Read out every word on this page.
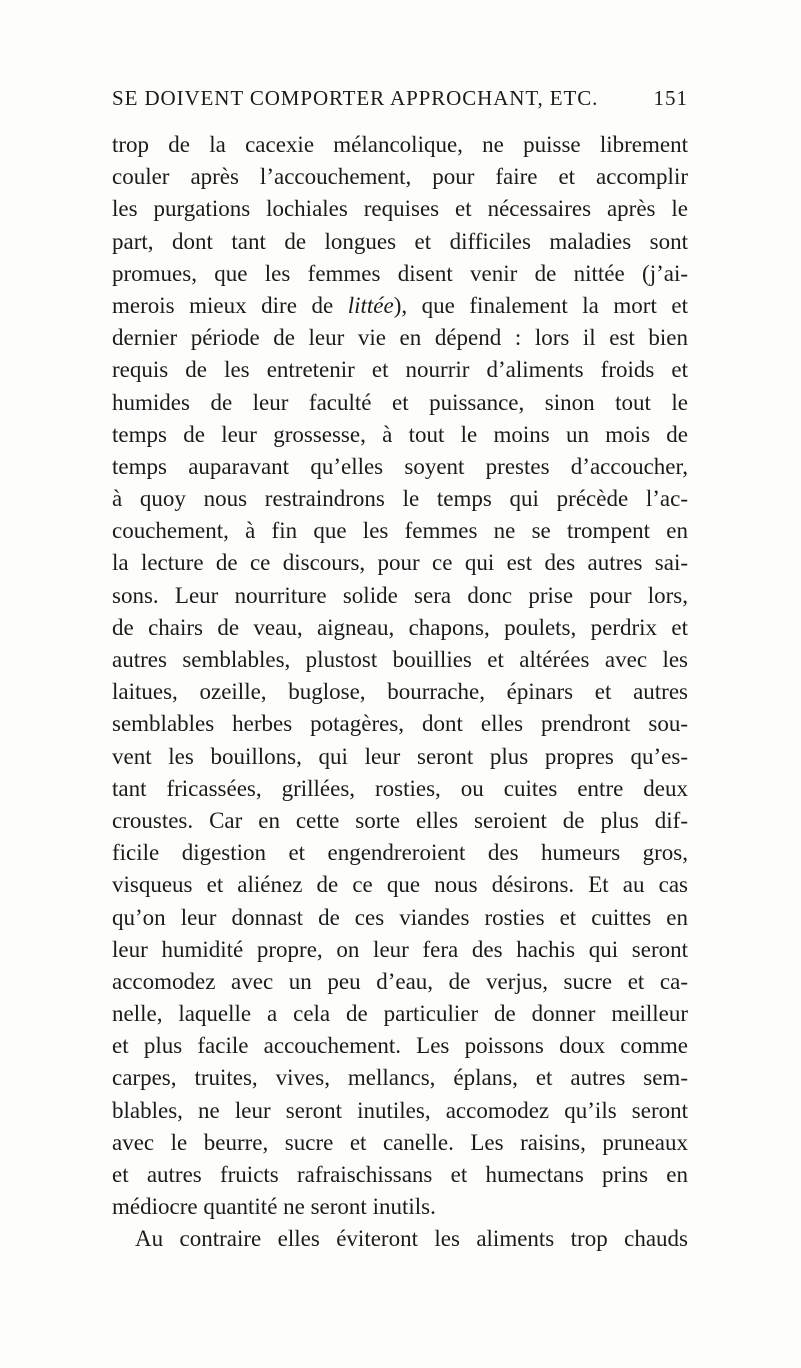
SE DOIVENT COMPORTER APPROCHANT, ETC.	151
trop de la cacexie mélancolique, ne puisse librement
couler après l’accouchement, pour faire et accomplir
les purgations lochiales requises et nécessaires après le
part, dont tant de longues et difficiles maladies sont
promues, que les femmes disent venir de nittée (j’ai-
merois mieux dire de littée), que finalement la mort et
dernier période de leur vie en dépend : lors il est bien
requis de les entretenir et nourrir d’aliments froids et
humides de leur faculté et puissance, sinon tout le
temps de leur grossesse, à tout le moins un mois de
temps auparavant qu’elles soyent prestes d’accoucher,
à quoy nous restraindrons le temps qui précède l’ac-
couchement, à fin que les femmes ne se trompent en
la lecture de ce discours, pour ce qui est des autres sai-
sons. Leur nourriture solide sera donc prise pour lors,
de chairs de veau, aigneau, chapons, poulets, perdrix et
autres semblables, plustost bouillies et altérées avec les
laitues, ozeille, buglose, bourrache, épinars et autres
semblables herbes potagères, dont elles prendront sou-
vent les bouillons, qui leur seront plus propres qu’es-
tant fricassées, grillées, rosties, ou cuites entre deux
croustes. Car en cette sorte elles seroient de plus dif-
ficile digestion et engendreroient des humeurs gros,
visqueus et aliénez de ce que nous désirons. Et au cas
qu’on leur donnast de ces viandes rosties et cuittes en
leur humidité propre, on leur fera des hachis qui seront
accomodez avec un peu d’eau, de verjus, sucre et ca-
nelle, laquelle a cela de particulier de donner meilleur
et plus facile accouchement. Les poissons doux comme
carpes, truites, vives, mellancs, éplans, et autres sem-
blables, ne leur seront inutiles, accomodez qu’ils seront
avec le beurre, sucre et canelle. Les raisins, pruneaux
et autres fruicts rafraischissans et humectans prins en
médiocre quantité ne seront inutils.
Au contraire elles éviteront les aliments trop chauds
